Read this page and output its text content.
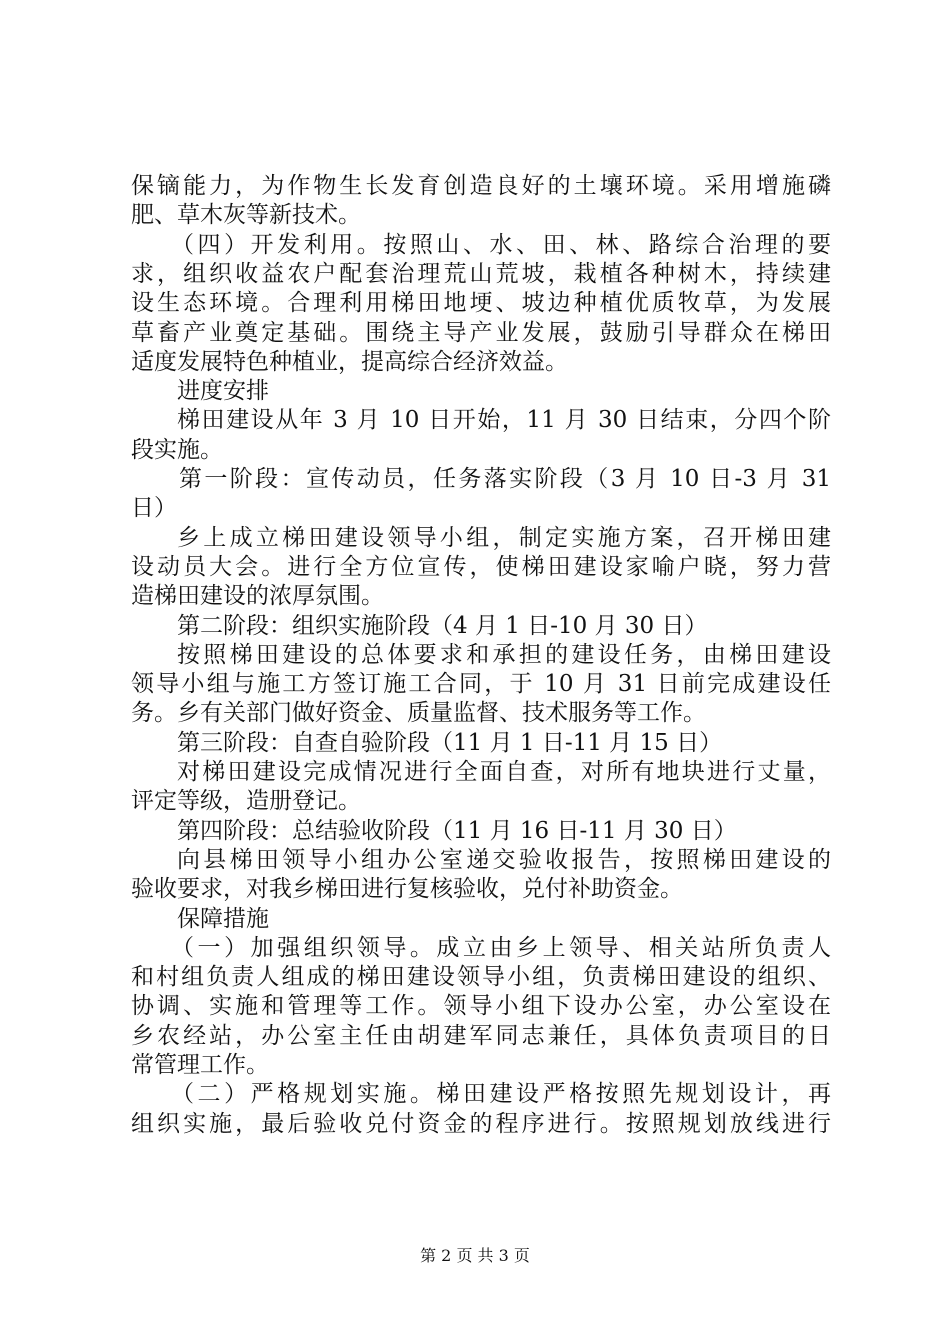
保镝能力，为作物生长发育创造良好的土壤环境。采用增施磷
肥、草木灰等新技术。
（四）开发利用。按照山、水、田、林、路综合治理的要
求，组织收益农户配套治理荒山荒坡，栽植各种树木，持续建
设生态环境。合理利用梯田地埂、坡边种植优质牧草，为发展
草畜产业奠定基础。围绕主导产业发展，鼓励引导群众在梯田
适度发展特色种植业，提高综合经济效益。
进度安排
梯田建设从年 3 月 10 日开始，11 月 30 日结束，分四个阶
段实施。
第一阶段：宣传动员，任务落实阶段（3 月 10 日-3 月 31
日）
乡上成立梯田建设领导小组，制定实施方案，召开梯田建
设动员大会。进行全方位宣传，使梯田建设家喻户晓，努力营
造梯田建设的浓厚氛围。
第二阶段：组织实施阶段（4 月 1 日-10 月 30 日）
按照梯田建设的总体要求和承担的建设任务，由梯田建设
领导小组与施工方签订施工合同，于 10 月 31 日前完成建设任
务。乡有关部门做好资金、质量监督、技术服务等工作。
第三阶段：自查自验阶段（11 月 1 日-11 月 15 日）
对梯田建设完成情况进行全面自查，对所有地块进行丈量，
评定等级，造册登记。
第四阶段：总结验收阶段（11 月 16 日-11 月 30 日）
向县梯田领导小组办公室递交验收报告，按照梯田建设的
验收要求，对我乡梯田进行复核验收，兑付补助资金。
保障措施
（一）加强组织领导。成立由乡上领导、相关站所负责人
和村组负责人组成的梯田建设领导小组，负责梯田建设的组织、
协调、实施和管理等工作。领导小组下设办公室，办公室设在
乡农经站，办公室主任由胡建军同志兼任，具体负责项目的日
常管理工作。
（二）严格规划实施。梯田建设严格按照先规划设计，再
组织实施，最后验收兑付资金的程序进行。按照规划放线进行
第 2 页 共 3 页
